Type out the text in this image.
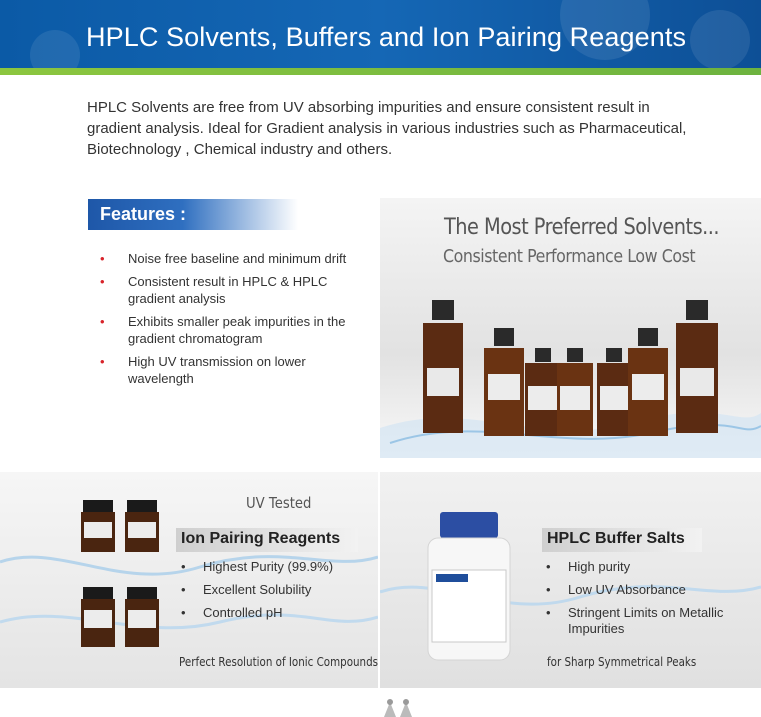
HPLC Solvents, Buffers and Ion Pairing Reagents

HPLC Solvents are free from UV absorbing impurities and ensure consistent result in gradient analysis. Ideal for Gradient analysis in various industries such as Pharmaceutical, Biotechnology , Chemical industry and others.

Features :
• Noise free baseline and minimum drift
• Consistent result in HPLC & HPLC gradient analysis
• Exhibits smaller peak impurities in the gradient chromatogram
• High UV transmission on lower wavelength
The Most Preferred Solvents...
Consistent Performance Low Cost
UV Tested
Ion Pairing Reagents
• Highest Purity (99.9%)
• Excellent Solubility
• Controlled pH
Perfect Resolution of Ionic Compounds
HPLC Buffer Salts
• High purity
• Low UV Absorbance
• Stringent Limits on Metallic Impurities
for Sharp Symmetrical Peaks
